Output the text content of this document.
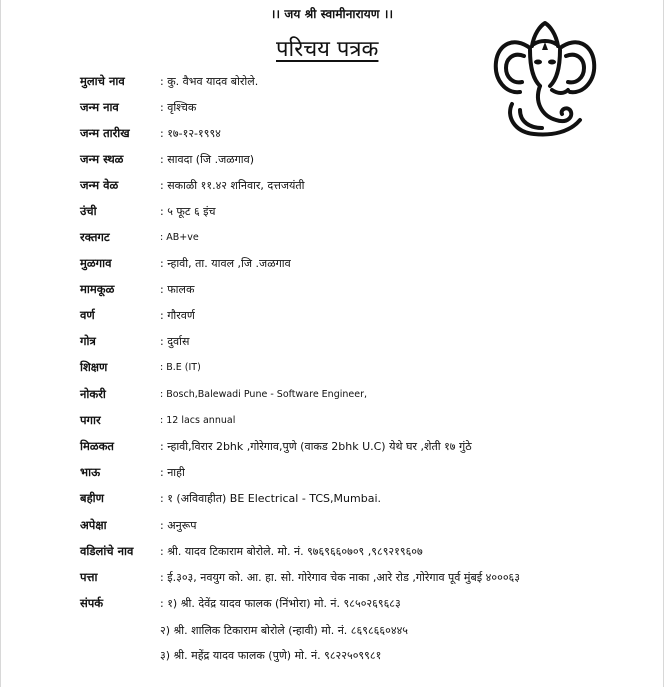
।। जय श्री स्वामीनारायण ।।
परिचय पत्रक
मुलाचे नाव	: कु. वैभव यादव बोरोले.
जन्म नाव	: वृश्चिक
जन्म तारीख	: १७-१२-१९९४
जन्म स्थळ	: सावदा (जि .जळगाव)
जन्म वेळ	: सकाळी ११.४२ शनिवार, दत्तजयंती
उंची	: ५ फूट ६ इंच
रक्तगट	: AB+ve
मुळगाव	: न्हावी, ता. यावल ,जि .जळगाव
मामकूळ	: फालक
वर्ण	: गौरवर्ण
गोत्र	: दुर्वास
शिक्षण	: B.E (IT)
नोकरी	: Bosch,Balewadi Pune - Software Engineer,
पगार	: 12 lacs annual
मिळकत	: न्हावी,विरार 2bhk ,गोरेगाव,पुणे (वाकड 2bhk U.C) येथे घर ,शेती १७ गुंठे
भाऊ	: नाही
बहीण	: १ (अविवाहीत) BE Electrical - TCS,Mumbai.
अपेक्षा	: अनुरूप
वडिलांचे नाव	: श्री. यादव टिकाराम बोरोले. मो. नं. ९७६९६६०७०९ ,९८९२१९६०७
पत्ता	: ई.३०३, नवयुग को. आ. हा. सो. गोरेगाव चेक नाका ,आरे रोड ,गोरेगाव पूर्व मुंबई ४०००६३
संपर्क	: १) श्री. देवेंद्र यादव फालक (निंभोरा) मो. नं. ९८५०२६९६८३
२) श्री. शालिक टिकाराम बोरोले (न्हावी) मो. नं. ८६९८६६०४४५
३) श्री. महेंद्र यादव फालक (पुणे) मो. नं. ९८२२५०९९८१
